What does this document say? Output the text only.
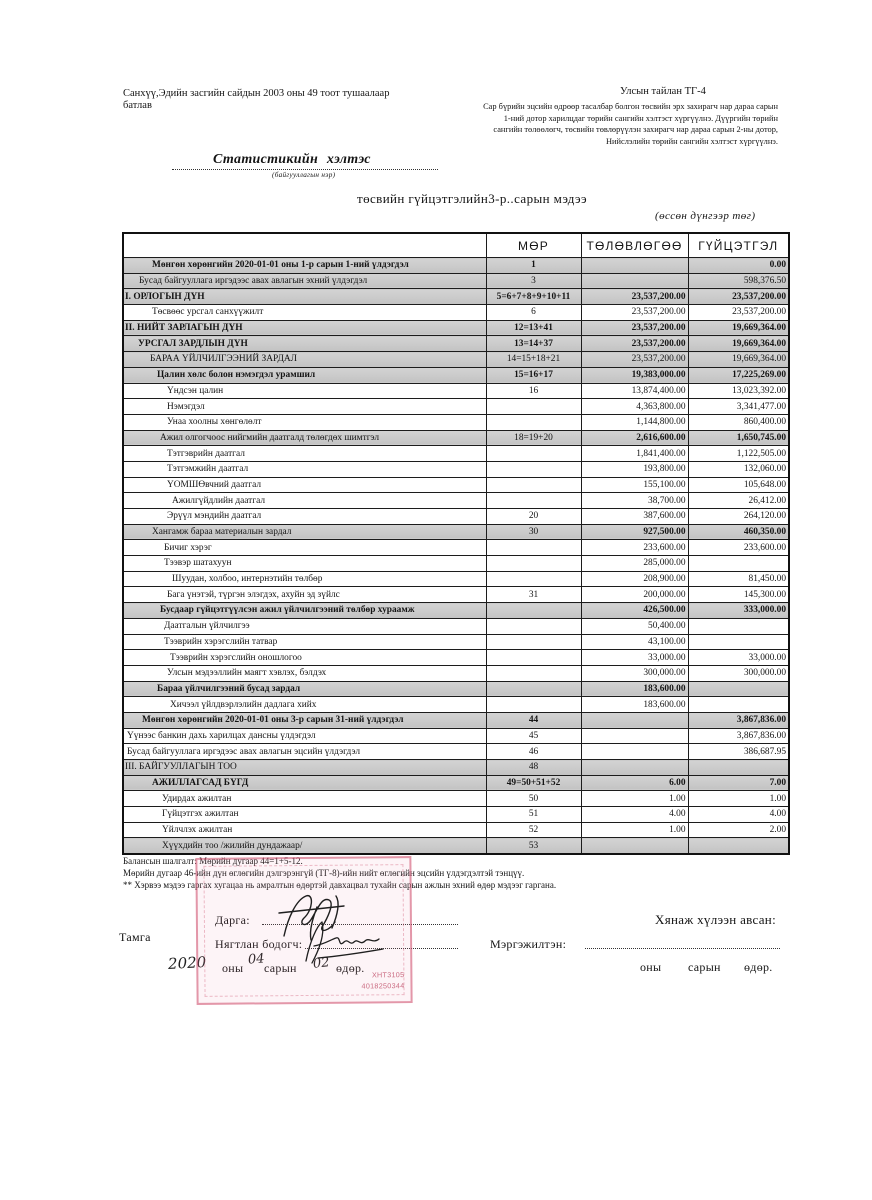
Санхүү,Эдийн засгийн сайдын 2003 оны 49 тоот тушаалаар
батлав
Улсын тайлан ТГ-4
Сар бүрийн эцсийн өдрөөр тасалбар болгон төсвийн эрх захирагч нар дараа сарын
1-ний дотор харилцдаг төрийн сангийн хэлтэст хүргүүлнэ. Дүүргийн төрийн
сангийн төлөөлөгч, төсвийн төвлөрүүлэн захирагч нар дараа сарын 2-ны дотор,
Нийслэлийн төрийн сангийн хэлтэст хүргүүлнэ.
Статистикийн хэлтэс
(байгууллагын нэр)
төсвийн гүйцэтгэлийн3-р..сарын мэдээ
(өссөн дүнгээр төг)
	МӨР	ТӨЛӨВЛӨГӨӨ	ГҮЙЦЭТГЭЛ
Мөнгөн хөрөнгийн 2020-01-01 оны 1-р сарын 1-ний үлдэгдэл	1		0.00
Бусад байгууллага иргэдээс авах авлагын эхний үлдэгдэл	3		598,376.50
I. ОРЛОГЫН ДҮН	5=6+7+8+9+10+11	23,537,200.00	23,537,200.00
Төсвөөс урсгал санхүүжилт	6	23,537,200.00	23,537,200.00
II. НИЙТ ЗАРЛАГЫН ДҮН	12=13+41	23,537,200.00	19,669,364.00
УРСГАЛ ЗАРДЛЫН ДҮН	13=14+37	23,537,200.00	19,669,364.00
БАРАА ҮЙЛЧИЛГЭЭНИЙ ЗАРДАЛ	14=15+18+21	23,537,200.00	19,669,364.00
Цалин хөлс болон нэмэгдэл урамшил	15=16+17	19,383,000.00	17,225,269.00
Үндсэн цалин	16	13,874,400.00	13,023,392.00
Нэмэгдэл		4,363,800.00	3,341,477.00
Унаа хоолны хөнгөлөлт		1,144,800.00	860,400.00
Ажил олгогчоос нийгмийн даатгалд төлөгдөх шимтгэл	18=19+20	2,616,600.00	1,650,745.00
Тэтгэврийн даатгал		1,841,400.00	1,122,505.00
Тэтгэмжийн даатгал		193,800.00	132,060.00
ҮОМШӨвчний даатгал		155,100.00	105,648.00
Ажилгүйдлийн даатгал		38,700.00	26,412.00
Эрүүл мэндийн даатгал	20	387,600.00	264,120.00
Хангамж бараа материалын зардал	30	927,500.00	460,350.00
Бичиг хэрэг		233,600.00	233,600.00
Тээвэр шатахуун		285,000.00	
Шуудан, холбоо, интернэтийн төлбөр		208,900.00	81,450.00
Бага үнэтэй, түргэн элэгдэх, ахуйн эд зүйлс	31	200,000.00	145,300.00
Бусдаар гүйцэтгүүлсэн ажил үйлчилгээний төлбөр хураамж		426,500.00	333,000.00
Даатгалын үйлчилгээ		50,400.00	
Тээврийн хэрэгслийн татвар		43,100.00	
Тээврийн хэрэгслийн оношлогоо		33,000.00	33,000.00
Улсын мэдээллийн маягт хэвлэх, бэлдэх		300,000.00	300,000.00
Бараа үйлчилгээний бусад зардал		183,600.00	
Хичээл үйлдвэрлэлийн дадлага хийх		183,600.00	
Мөнгөн хөрөнгийн 2020-01-01 оны 3-р сарын 31-ний үлдэгдэл	44		3,867,836.00
Үүнээс банкин дахь харилцах дансны үлдэгдэл	45		3,867,836.00
Бусад байгууллага иргэдээс авах авлагын эцсийн үлдэгдэл	46		386,687.95
III. БАЙГУУЛЛАГЫН ТОО	48		
АЖИЛЛАГСАД БҮГД	49=50+51+52	6.00	7.00
Удирдах ажилтан	50	1.00	1.00
Гүйцэтгэх ажилтан	51	4.00	4.00
Үйлчлэх ажилтан	52	1.00	2.00
Хүүхдийн тоо /жилийн дундажаар/	53		
Балансын шалгалт: Мөрийн дугаар 44=1+5-12.
Мөрийн дугаар 46-ийн дүн өглөгийн дэлгэрэнгүй (ТГ-8)-ийн нийт өглөгийн эцсийн үлдэгдэлтэй тэнцүү.
** Хэрвээ мэдээ гаргах хугацаа нь амралтын өдөртэй давхацвал тухайн сарын ажлын эхний өдөр мэдээг гаргана.
ХНТ3105
4018250344
Дарга:	Хянаж хүлээн авсан:
Тамга	Нягтлан бодогч:	Мэргэжилтэн:
2020 оны
04
сарын 02 өдөр.	оны сарын өдөр.
